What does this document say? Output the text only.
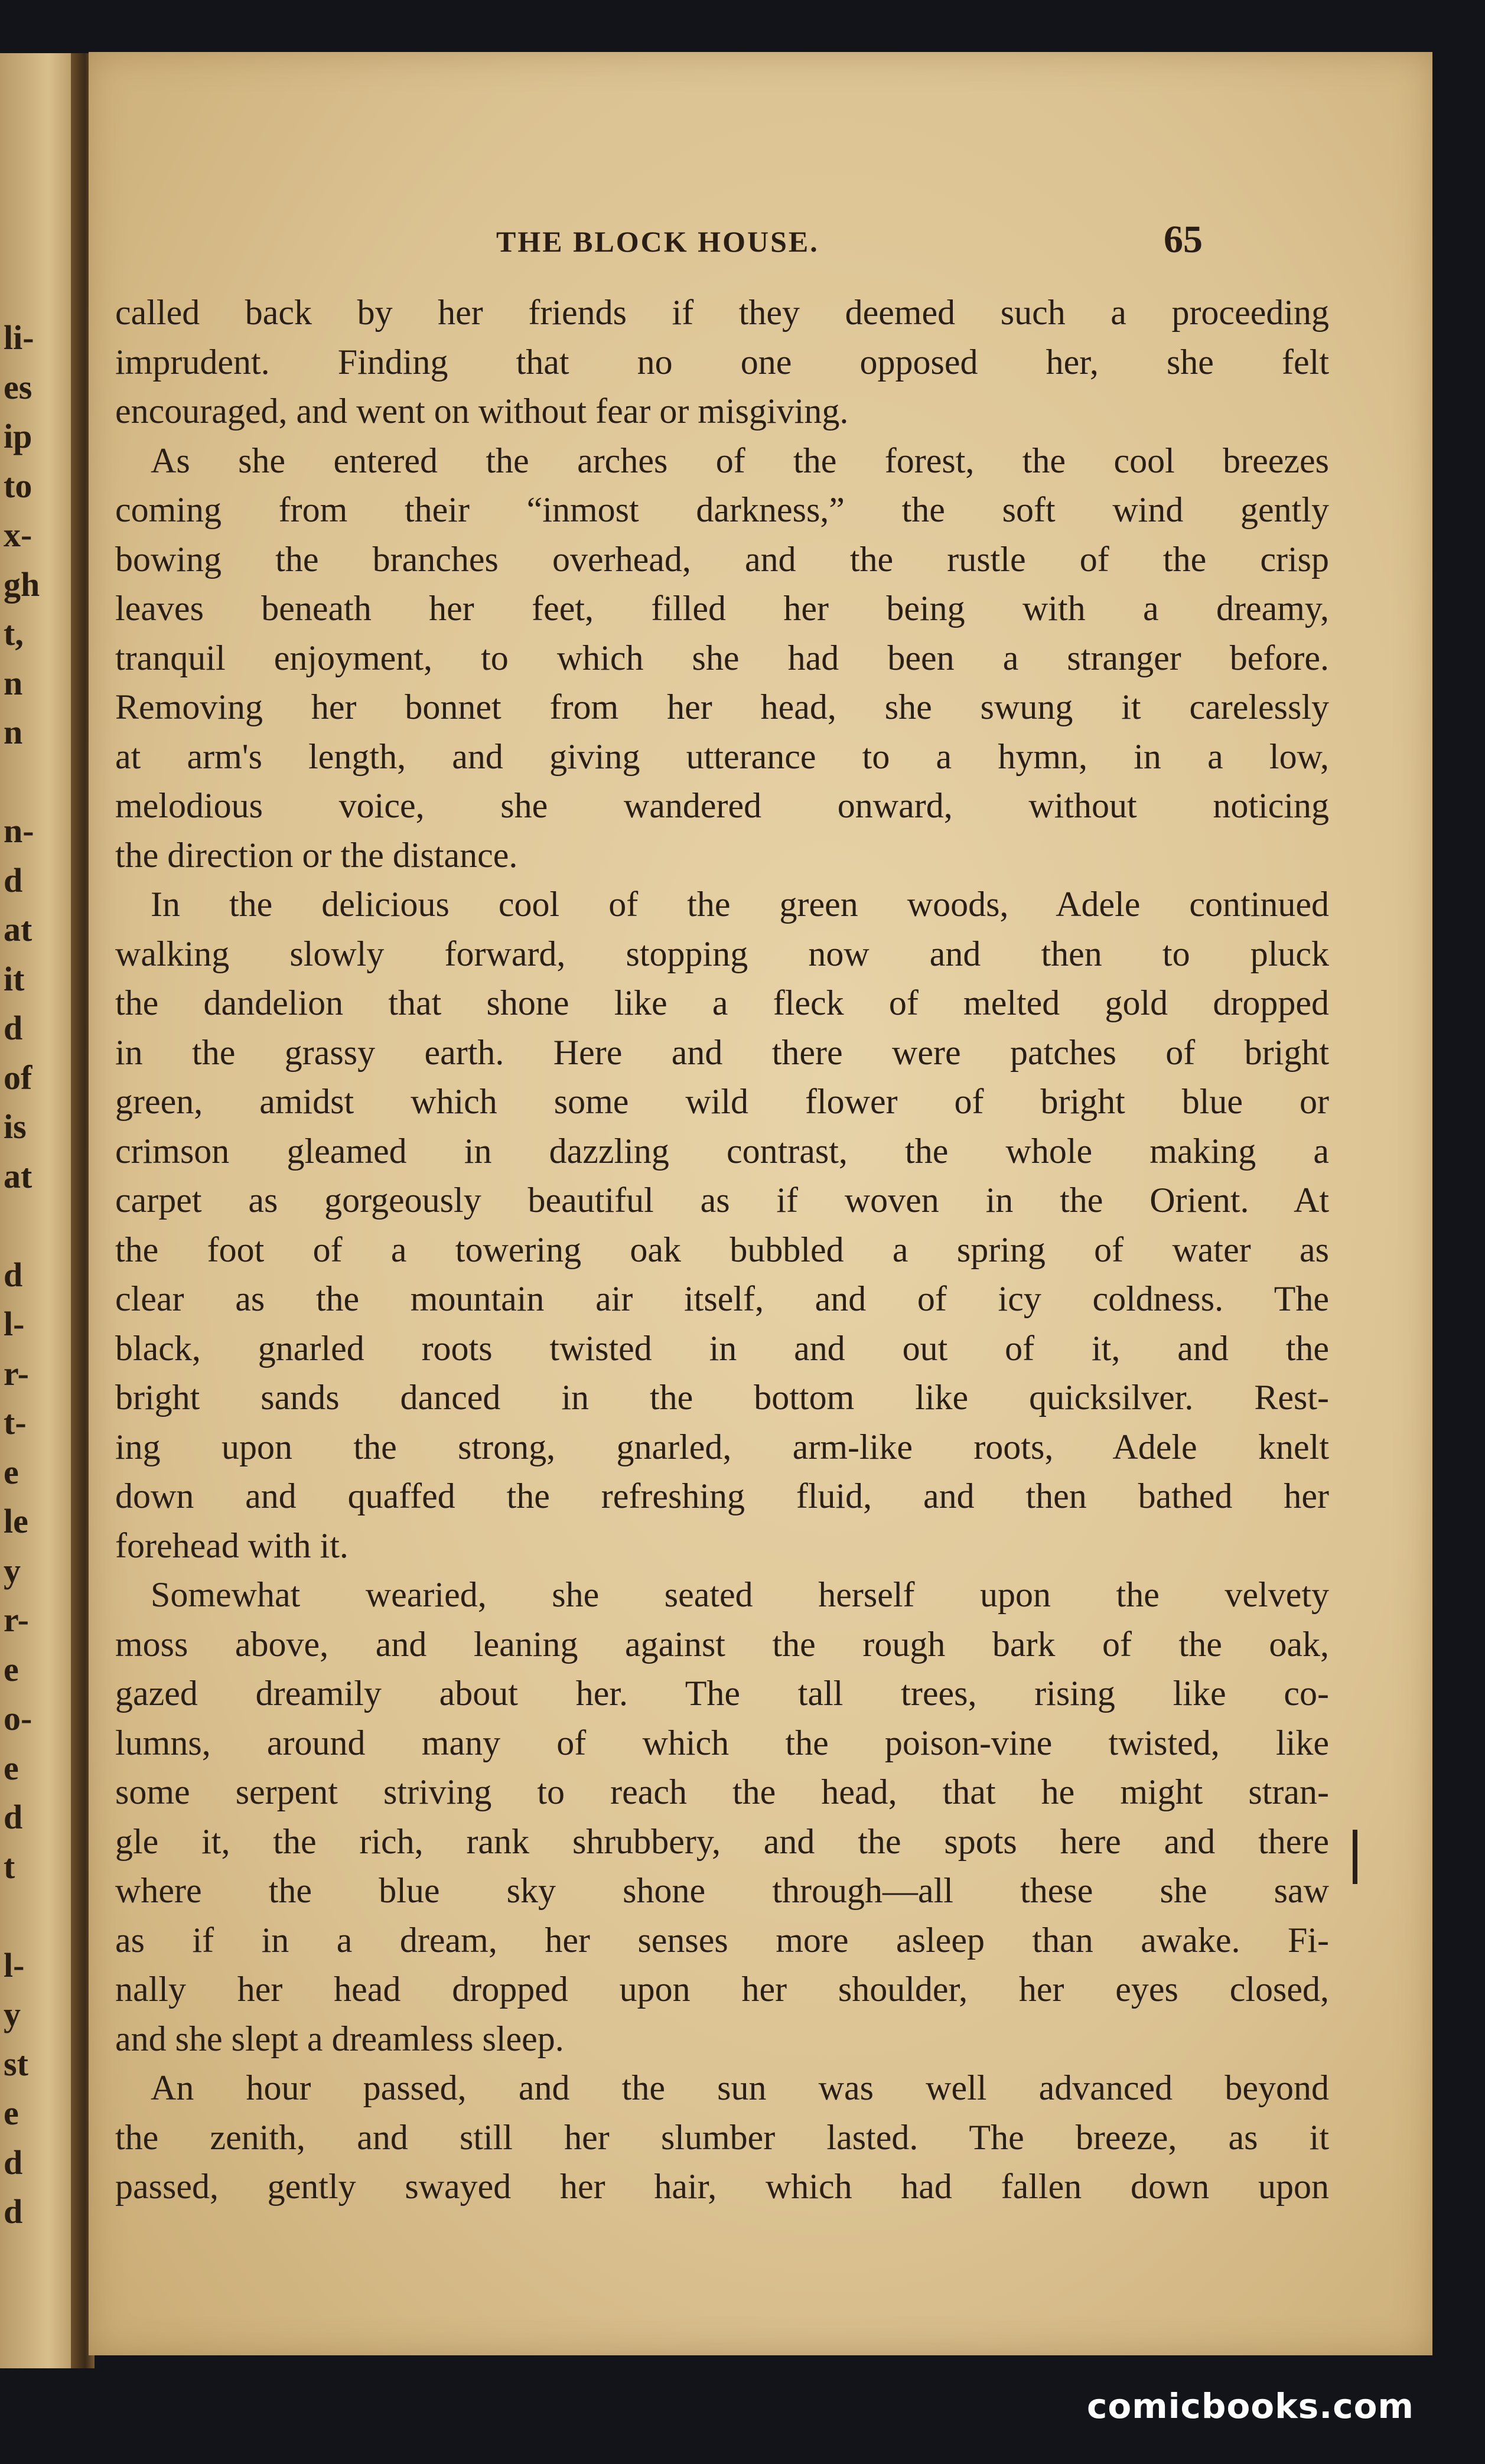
li-
es
ip
to
x-
gh
t,
n
n
n-
d
at
it
d
of
is
at
d
l-
r-
t-
e
le
y
r-
e
o-
e
d
t
l-
y
st
e
d
d
THE BLOCK HOUSE.	65
called back by her friends if they deemed such a proceeding
imprudent. Finding that no one opposed her, she felt
encouraged, and went on without fear or misgiving.
As she entered the arches of the forest, the cool breezes
coming from their “inmost darkness,” the soft wind gently
bowing the branches overhead, and the rustle of the crisp
leaves beneath her feet, filled her being with a dreamy,
tranquil enjoyment, to which she had been a stranger before.
Removing her bonnet from her head, she swung it carelessly
at arm's length, and giving utterance to a hymn, in a low,
melodious voice, she wandered onward, without noticing
the direction or the distance.
In the delicious cool of the green woods, Adele continued
walking slowly forward, stopping now and then to pluck
the dandelion that shone like a fleck of melted gold dropped
in the grassy earth. Here and there were patches of bright
green, amidst which some wild flower of bright blue or
crimson gleamed in dazzling contrast, the whole making a
carpet as gorgeously beautiful as if woven in the Orient. At
the foot of a towering oak bubbled a spring of water as
clear as the mountain air itself, and of icy coldness. The
black, gnarled roots twisted in and out of it, and the
bright sands danced in the bottom like quicksilver. Rest-
ing upon the strong, gnarled, arm-like roots, Adele knelt
down and quaffed the refreshing fluid, and then bathed her
forehead with it.
Somewhat wearied, she seated herself upon the velvety
moss above, and leaning against the rough bark of the oak,
gazed dreamily about her. The tall trees, rising like co-
lumns, around many of which the poison-vine twisted, like
some serpent striving to reach the head, that he might stran-
gle it, the rich, rank shrubbery, and the spots here and there
where the blue sky shone through—all these she saw
as if in a dream, her senses more asleep than awake. Fi-
nally her head dropped upon her shoulder, her eyes closed,
and she slept a dreamless sleep.
An hour passed, and the sun was well advanced beyond
the zenith, and still her slumber lasted. The breeze, as it
passed, gently swayed her hair, which had fallen down upon
comicbooks.com
